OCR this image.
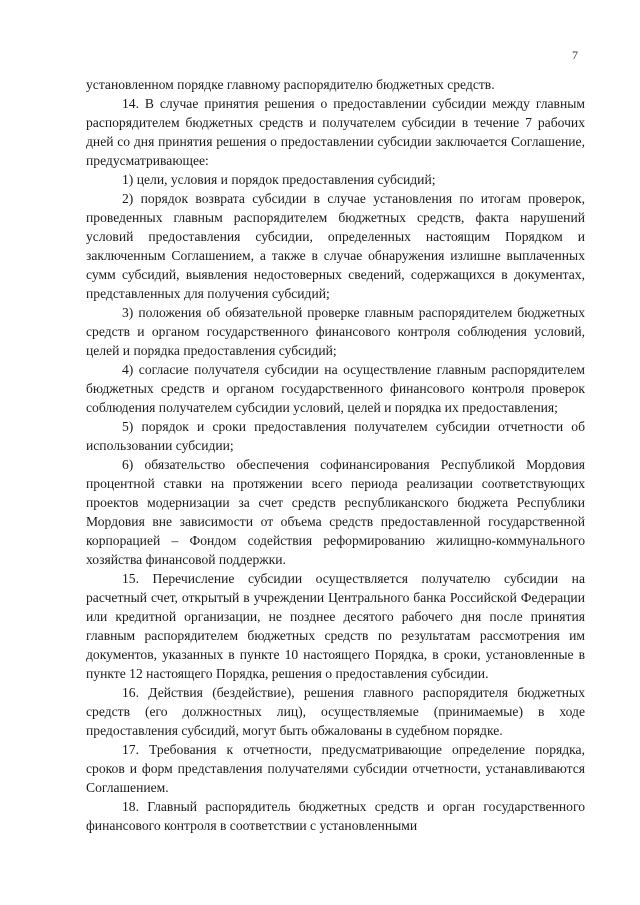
7

установленном порядке главному распорядителю бюджетных средств.

14. В случае принятия решения о предоставлении субсидии между главным распорядителем бюджетных средств и получателем субсидии в течение 7 рабочих дней со дня принятия решения о предоставлении субсидии заключается Соглашение, предусматривающее:

1) цели, условия и порядок предоставления субсидий;

2) порядок возврата субсидии в случае установления по итогам проверок, проведенных главным распорядителем бюджетных средств, факта нарушений условий предоставления субсидии, определенных настоящим Порядком и заключенным Соглашением, а также в случае обнаружения излишне выплаченных сумм субсидий, выявления недостоверных сведений, содержащихся в документах, представленных для получения субсидий;

3) положения об обязательной проверке главным распорядителем бюджетных средств и органом государственного финансового контроля соблюдения условий, целей и порядка предоставления субсидий;

4) согласие получателя субсидии на осуществление главным распорядителем бюджетных средств и органом государственного финансового контроля проверок соблюдения получателем субсидии условий, целей и порядка их предоставления;

5) порядок и сроки предоставления получателем субсидии отчетности об использовании субсидии;

6) обязательство обеспечения софинансирования Республикой Мордовия процентной ставки на протяжении всего периода реализации соответствующих проектов модернизации за счет средств республиканского бюджета Республики Мордовия вне зависимости от объема средств предоставленной государственной корпорацией – Фондом содействия реформированию жилищно-коммунального хозяйства финансовой поддержки.

15. Перечисление субсидии осуществляется получателю субсидии на расчетный счет, открытый в учреждении Центрального банка Российской Федерации или кредитной организации, не позднее десятого рабочего дня после принятия главным распорядителем бюджетных средств по результатам рассмотрения им документов, указанных в пункте 10 настоящего Порядка, в сроки, установленные в пункте 12 настоящего Порядка, решения о предоставления субсидии.

16. Действия (бездействие), решения главного распорядителя бюджетных средств (его должностных лиц), осуществляемые (принимаемые) в ходе предоставления субсидий, могут быть обжалованы в судебном порядке.

17. Требования к отчетности, предусматривающие определение порядка, сроков и форм представления получателями субсидии отчетности, устанавливаются Соглашением.

18. Главный распорядитель бюджетных средств и орган государственного финансового контроля в соответствии с установленными
